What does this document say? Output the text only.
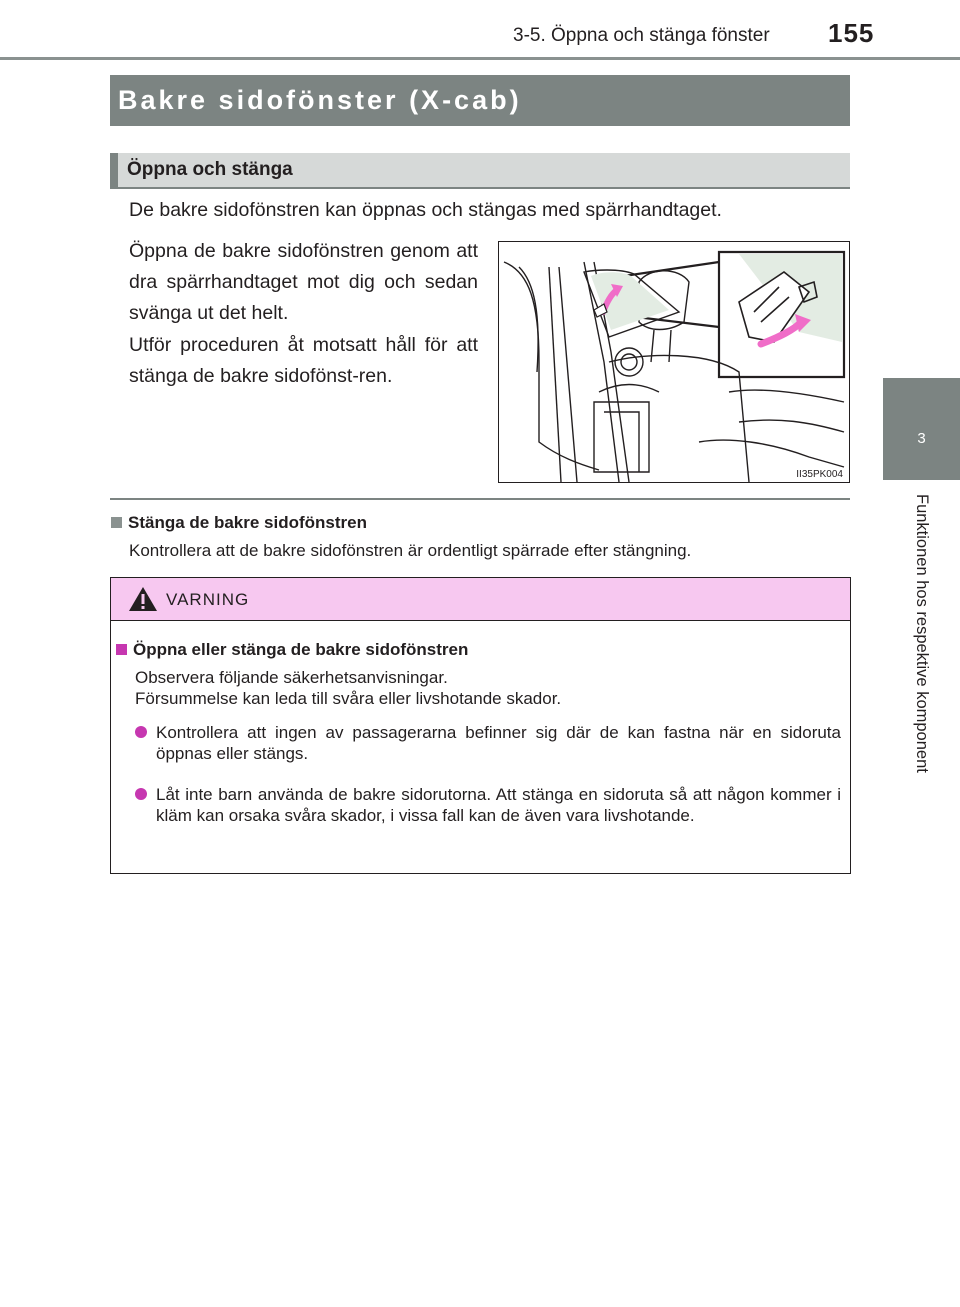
3-5. Öppna och stänga fönster 155
3
Funktionen hos respektive komponent
Bakre sidofönster (X-cab)
Öppna och stänga
De bakre sidofönstren kan öppnas och stängas med spärrhandtaget.
Öppna de bakre sidofönstren genom att dra spärrhandtaget mot dig och sedan svänga ut det helt.
Utför proceduren åt motsatt håll för att stänga de bakre sidofönst-ren.
II35PK004
Stänga de bakre sidofönstren
Kontrollera att de bakre sidofönstren är ordentligt spärrade efter stängning.
VARNING
Öppna eller stänga de bakre sidofönstren
Observera följande säkerhetsanvisningar.
Försummelse kan leda till svåra eller livshotande skador.
Kontrollera att ingen av passagerarna befinner sig där de kan fastna när en sidoruta öppnas eller stängs.
Låt inte barn använda de bakre sidorutorna. Att stänga en sidoruta så att någon kommer i kläm kan orsaka svåra skador, i vissa fall kan de även vara livshotande.
